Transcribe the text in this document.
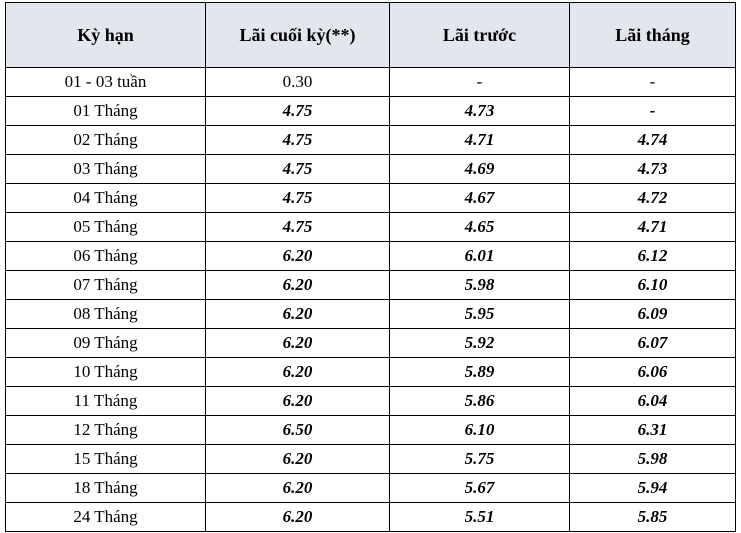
Kỳ hạn	Lãi cuối kỳ(**)	Lãi trước	Lãi tháng
01 - 03 tuần	0.30	-	-
01 Tháng	4.75	4.73	-
02 Tháng	4.75	4.71	4.74
03 Tháng	4.75	4.69	4.73
04 Tháng	4.75	4.67	4.72
05 Tháng	4.75	4.65	4.71
06 Tháng	6.20	6.01	6.12
07 Tháng	6.20	5.98	6.10
08 Tháng	6.20	5.95	6.09
09 Tháng	6.20	5.92	6.07
10 Tháng	6.20	5.89	6.06
11 Tháng	6.20	5.86	6.04
12 Tháng	6.50	6.10	6.31
15 Tháng	6.20	5.75	5.98
18 Tháng	6.20	5.67	5.94
24 Tháng	6.20	5.51	5.85
